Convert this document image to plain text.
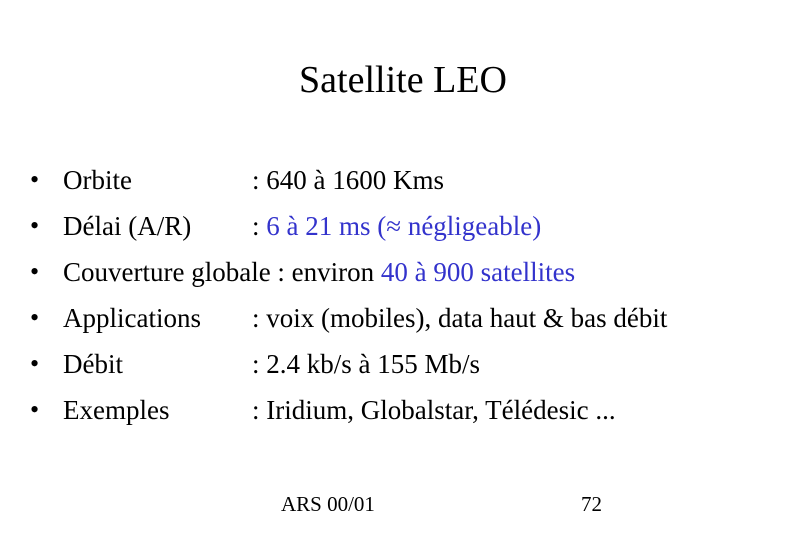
Satellite LEO
• Orbite	: 640 à 1600 Kms
• Délai (A/R) : 6 à 21 ms (≈ négligeable)
• Couverture globale : environ 40 à 900 satellites
• Applications : voix (mobiles), data haut & bas débit
• Débit	: 2.4 kb/s à 155 Mb/s
• Exemples	: Iridium, Globalstar, Télédesic ...
ARS 00/01	72
